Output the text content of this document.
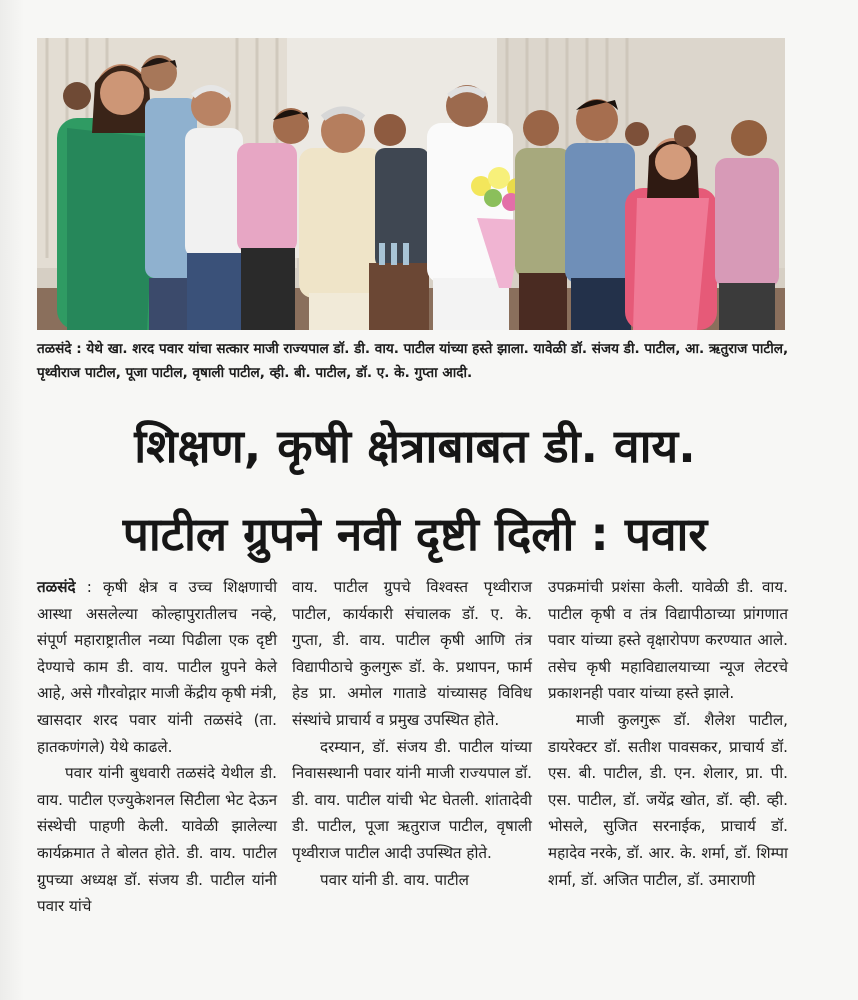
तळसंदे : येथे खा. शरद पवार यांचा सत्कार माजी राज्यपाल डॉ. डी. वाय. पाटील यांच्या हस्ते झाला. यावेळी डॉ. संजय डी. पाटील, आ. ऋतुराज पाटील, पृथ्वीराज पाटील, पूजा पाटील, वृषाली पाटील, व्ही. बी. पाटील, डॉ. ए. के. गुप्ता आदी.
शिक्षण, कृषी क्षेत्राबाबत डी. वाय.
पाटील ग्रुपने नवी दृष्टी दिली : पवार

तळसंदे : कृषी क्षेत्र व उच्च शिक्षणाची आस्था असलेल्या कोल्हापुरातीलच नव्हे, संपूर्ण महाराष्ट्रातील नव्या पिढीला एक दृष्टी देण्याचे काम डी. वाय. पाटील ग्रुपने केले आहे, असे गौरवोद्गार माजी केंद्रीय कृषी मंत्री, खासदार शरद पवार यांनी तळसंदे (ता. हातकणंगले) येथे काढले.

पवार यांनी बुधवारी तळसंदे येथील डी. वाय. पाटील एज्युकेशनल सिटीला भेट देऊन संस्थेची पाहणी केली. यावेळी झालेल्या कार्यक्रमात ते बोलत होते. डी. वाय. पाटील ग्रुपच्या अध्यक्ष डॉ. संजय डी. पाटील यांनी पवार यांचे

वाय. पाटील ग्रुपचे विश्वस्त पृथ्वीराज पाटील, कार्यकारी संचालक डॉ. ए. के. गुप्ता, डी. वाय. पाटील कृषी आणि तंत्र विद्यापीठाचे कुलगुरू डॉ. के. प्रथापन, फार्म हेड प्रा. अमोल गाताडे यांच्यासह विविध संस्थांचे प्राचार्य व प्रमुख उपस्थित होते.

दरम्यान, डॉ. संजय डी. पाटील यांच्या निवासस्थानी पवार यांनी माजी राज्यपाल डॉ. डी. वाय. पाटील यांची भेट घेतली. शांतादेवी डी. पाटील, पूजा ऋतुराज पाटील, वृषाली पृथ्वीराज पाटील आदी उपस्थित होते.

पवार यांनी डी. वाय. पाटील

उपक्रमांची प्रशंसा केली. यावेळी डी. वाय. पाटील कृषी व तंत्र विद्यापीठाच्या प्रांगणात पवार यांच्या हस्ते वृक्षारोपण करण्यात आले. तसेच कृषी महाविद्यालयाच्या न्यूज लेटरचे प्रकाशनही पवार यांच्या हस्ते झाले.

माजी कुलगुरू डॉ. शैलेश पाटील, डायरेक्टर डॉ. सतीश पावसकर, प्राचार्य डॉ. एस. बी. पाटील, डी. एन. शेलार, प्रा. पी. एस. पाटील, डॉ. जयेंद्र खोत, डॉ. व्ही. व्ही. भोसले, सुजित सरनाईक, प्राचार्य डॉ. महादेव नरके, डॉ. आर. के. शर्मा, डॉ. शिम्पा शर्मा, डॉ. अजित पाटील, डॉ. उमाराणी
